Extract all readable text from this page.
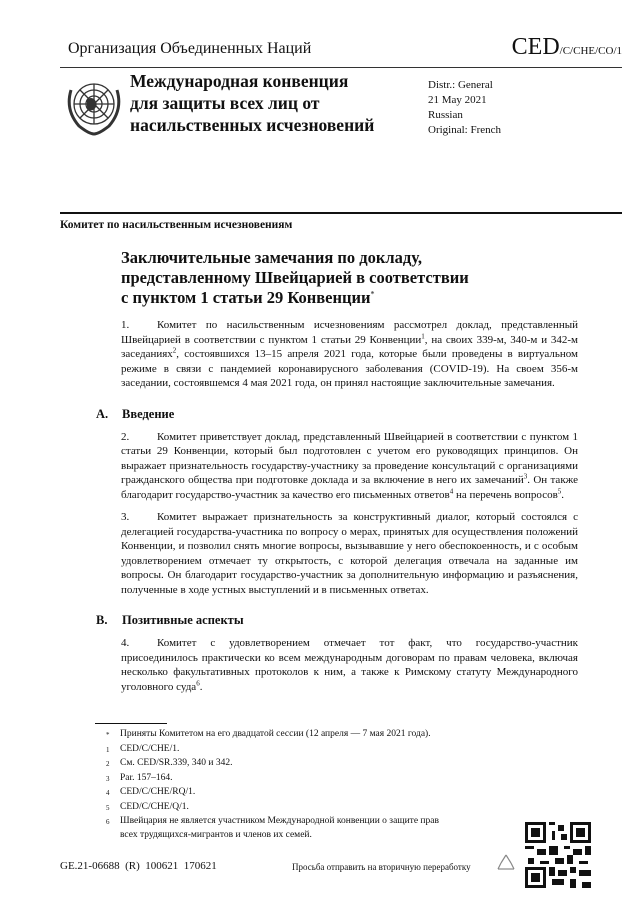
Организация Объединенных Наций	CED/C/CHE/CO/1
Международная конвенция
для защиты всех лиц от
насильственных исчезновений
Distr.: General
21 May 2021
Russian
Original: French
Комитет по насильственным исчезновениям
Заключительные замечания по докладу,
представленному Швейцарией в соответствии
с пунктом 1 статьи 29 Конвенции*
1.	Комитет по насильственным исчезновениям рассмотрел доклад, представленный Швейцарией в соответствии с пунктом 1 статьи 29 Конвенции$^1$, на своих 339-м, 340-м и 342-м заседаниях$^2$, состоявшихся 13–15 апреля 2021 года, которые были проведены в виртуальном режиме в связи с пандемией коронавирусного заболевания (COVID-19). На своем 356-м заседании, состоявшемся 4 мая 2021 года, он принял настоящие заключительные замечания.
A. Введение
2.	Комитет приветствует доклад, представленный Швейцарией в соответствии с пунктом 1 статьи 29 Конвенции, который был подготовлен с учетом его руководящих принципов. Он выражает признательность государству-участнику за проведение консультаций с организациями гражданского общества при подготовке доклада и за включение в него их замечаний$^3$. Он также благодарит государство-участник за качество его письменных ответов$^4$ на перечень вопросов$^5$.
3.	Комитет выражает признательность за конструктивный диалог, который состоялся с делегацией государства-участника по вопросу о мерах, принятых для осуществления положений Конвенции, и позволил снять многие вопросы, вызывавшие у него обеспокоенность, и с особым удовлетворением отмечает ту открытость, с которой делегация отвечала на заданные им вопросы. Он благодарит государство-участник за дополнительную информацию и разъяснения, полученные в ходе устных выступлений и в письменных ответах.
B. Позитивные аспекты
4.	Комитет с удовлетворением отмечает тот факт, что государство-участник присоединилось практически ко всем международным договорам по правам человека, включая несколько факультативных протоколов к ним, а также к Римскому статуту Международного уголовного суда$^6$.
*	Приняты Комитетом на его двадцатой сессии (12 апреля — 7 мая 2021 года).
1	CED/C/CHE/1.
2	См. CED/SR.339, 340 и 342.
3	Par. 157–164.
4	CED/C/CHE/RQ/1.
5	CED/C/CHE/Q/1.
6	Швейцария не является участником Международной конвенции о защите прав всех трудящихся-мигрантов и членов их семей.
GE.21-06688  (R)  100621  170621	Просьба отправить на вторичную переработку
